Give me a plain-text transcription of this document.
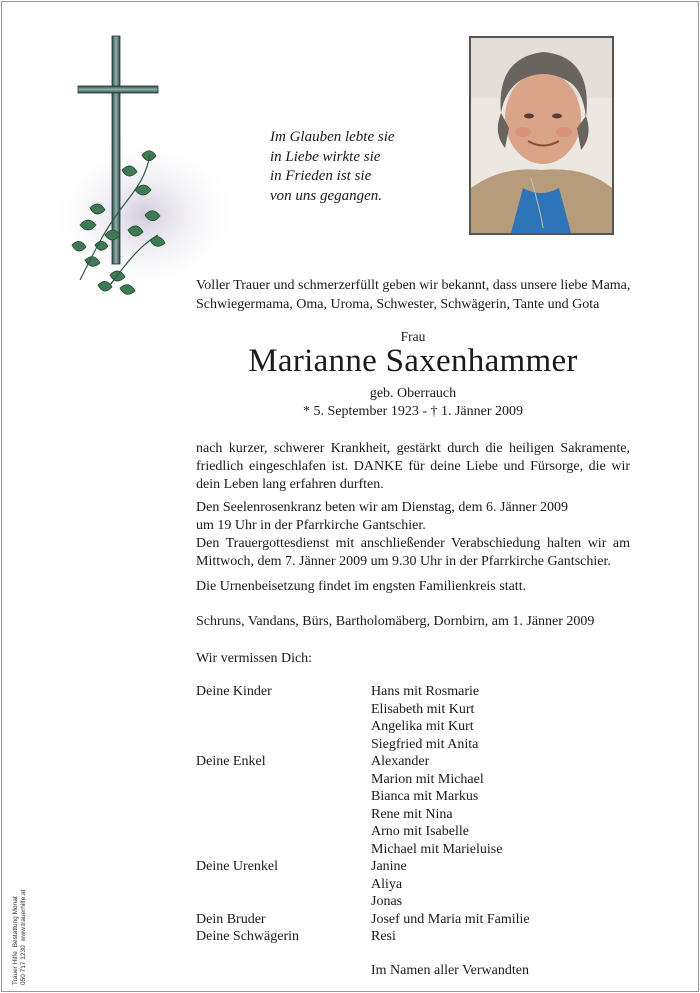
Im Glauben lebte sie
in Liebe wirkte sie
in Frieden ist sie
von uns gegangen.
Voller Trauer und schmerzerfüllt geben wir bekannt, dass unsere liebe Mama,
Schwiegermama, Oma, Uroma, Schwester, Schwägerin, Tante und Gota
Frau
Marianne Saxenhammer
geb. Oberrauch
* 5. September 1923 - † 1. Jänner 2009
nach kurzer, schwerer Krankheit, gestärkt durch die heiligen Sakramente, friedlich eingeschlafen ist. DANKE für deine Liebe und Fürsorge, die wir dein Leben lang erfahren durften.
Den Seelenrosenkranz beten wir am Dienstag, dem 6. Jänner 2009
um 19 Uhr in der Pfarrkirche Gantschier.
Den Trauergottesdienst mit anschließender Verabschiedung halten wir am Mittwoch, dem 7. Jänner 2009 um 9.30 Uhr in der Pfarrkirche Gantschier.
Die Urnenbeisetzung findet im engsten Familienkreis statt.
Schruns, Vandans, Bürs, Bartholomäberg, Dornbirn, am 1. Jänner 2009
Wir vermissen Dich:
Deine Kinder	Hans mit Rosmarie
Elisabeth mit Kurt
Angelika mit Kurt
Siegfried mit Anita
Deine Enkel	Alexander
Marion mit Michael
Bianca mit Markus
Rene mit Nina
Arno mit Isabelle
Michael mit Marieluise
Deine Urenkel	Janine
Aliya
Jonas
Dein Bruder	Josef und Maria mit Familie
Deine Schwägerin	Resi
Im Namen aller Verwandten
Trauer Hilfe
Bestattung Monat
050 717 1230
www.trauerhilfe.at
